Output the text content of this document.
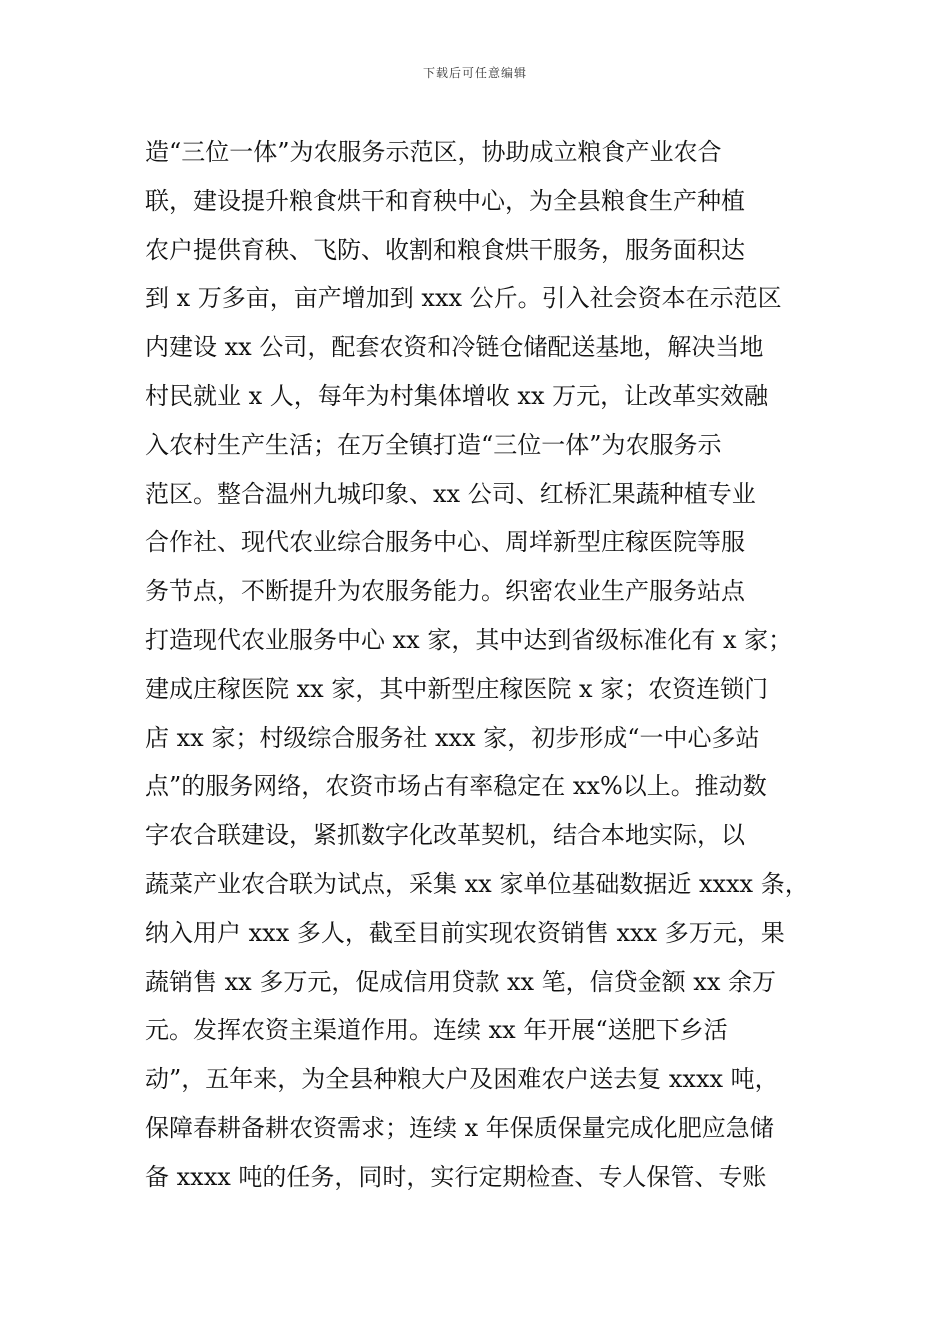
下载后可任意编辑
造“三位一体”为农服务示范区，协助成立粮食产业农合
联，建设提升粮食烘干和育秧中心，为全县粮食生产种植
农户提供育秧、飞防、收割和粮食烘干服务，服务面积达
到 x 万多亩，亩产增加到 xxx 公斤。引入社会资本在示范区
内建设 xx 公司，配套农资和冷链仓储配送基地，解决当地
村民就业 x 人，每年为村集体增收 xx 万元，让改革实效融
入农村生产生活；在万全镇打造“三位一体”为农服务示
范区。整合温州九城印象、xx 公司、红桥汇果蔬种植专业
合作社、现代农业综合服务中心、周垟新型庄稼医院等服
务节点，不断提升为农服务能力。织密农业生产服务站点
打造现代农业服务中心 xx 家，其中达到省级标准化有 x 家；
建成庄稼医院 xx 家，其中新型庄稼医院 x 家；农资连锁门
店 xx 家；村级综合服务社 xxx 家，初步形成“一中心多站
点”的服务网络，农资市场占有率稳定在 xx%以上。推动数
字农合联建设，紧抓数字化改革契机，结合本地实际，以
蔬菜产业农合联为试点，采集 xx 家单位基础数据近 xxxx 条，
纳入用户 xxx 多人，截至目前实现农资销售 xxx 多万元，果
蔬销售 xx 多万元，促成信用贷款 xx 笔，信贷金额 xx 余万
元。发挥农资主渠道作用。连续 xx 年开展“送肥下乡活
动”，五年来，为全县种粮大户及困难农户送去复 xxxx 吨，
保障春耕备耕农资需求；连续 x 年保质保量完成化肥应急储
备 xxxx 吨的任务，同时，实行定期检查、专人保管、专账
